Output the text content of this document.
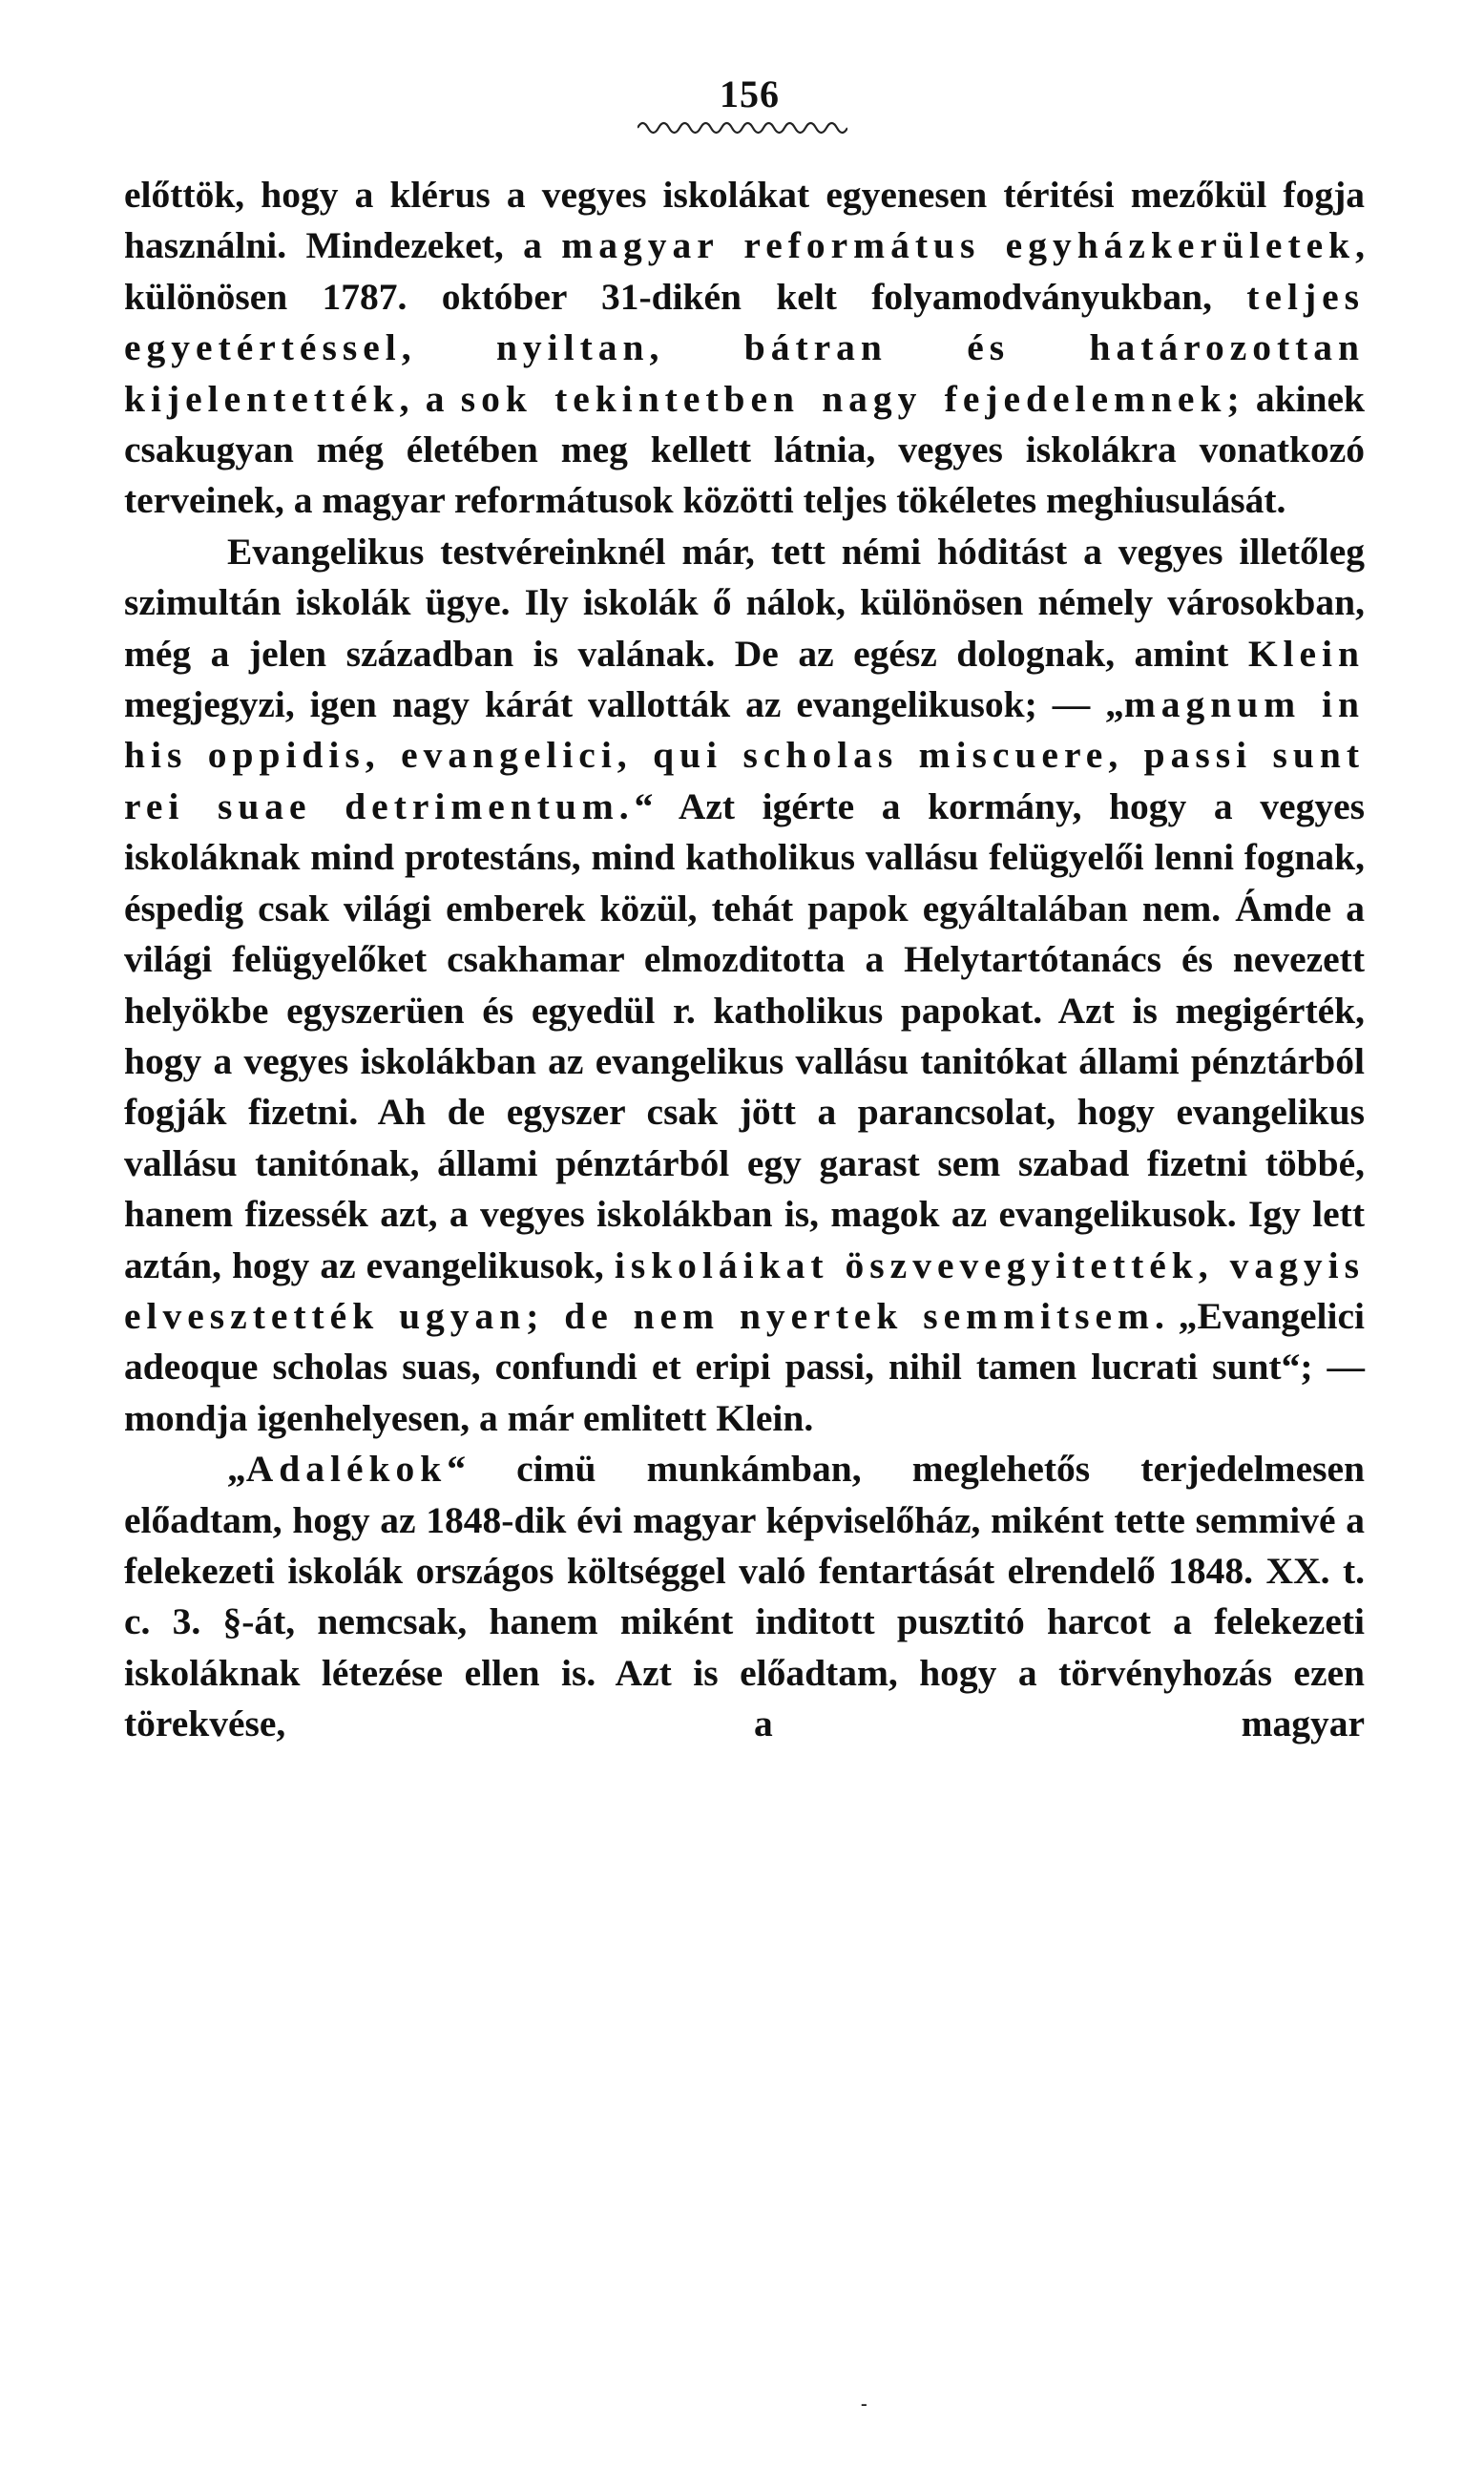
156

előttök, hogy a klérus a vegyes iskolákat egyenesen téritési mezőkül fogja használni. Mindezeket, a magyar református egyházkerületek, különösen 1787. október 31-dikén kelt folyamodványukban, teljes egyetértéssel, nyiltan, bátran és határozottan kijelentették, a sok tekintetben nagy fejedelemnek; akinek csakugyan még életében meg kellett látnia, vegyes iskolákra vonatkozó terveinek, a magyar reformátusok közötti teljes tökéletes meghiusulását.

Evangelikus testvéreinknél már, tett némi hóditást a vegyes illetőleg szimultán iskolák ügye. Ily iskolák ő nálok, különösen némely városokban, még a jelen században is valának. De az egész dolognak, amint Klein megjegyzi, igen nagy kárát vallották az evangelikusok; — „magnum in his oppidis, evangelici, qui scholas miscuere, passi sunt rei suae detrimentum.“ Azt igérte a kormány, hogy a vegyes iskoláknak mind protestáns, mind katholikus vallásu felügyelői lenni fognak, éspedig csak világi emberek közül, tehát papok egyáltalában nem. Ámde a világi felügyelőket csakhamar elmozditotta a Helytartótanács és nevezett helyökbe egyszerüen és egyedül r. katholikus papokat. Azt is megigérték, hogy a vegyes iskolákban az evangelikus vallásu tanitókat állami pénztárból fogják fizetni. Ah de egyszer csak jött a parancsolat, hogy evangelikus vallásu tanitónak, állami pénztárból egy garast sem szabad fizetni többé, hanem fizessék azt, a vegyes iskolákban is, magok az evangelikusok. Igy lett aztán, hogy az evangelikusok, iskoláikat öszvevegyitették, vagyis elvesztették ugyan; de nem nyertek semmitsem. „Evangelici adeoque scholas suas, confundi et eripi passi, nihil tamen lucrati sunt“; — mondja igenhelyesen, a már emlitett Klein.

„Adalékok“ cimü munkámban, meglehetős terjedelmesen előadtam, hogy az 1848-dik évi magyar képviselőház, miként tette semmivé a felekezeti iskolák országos költséggel való fentartását elrendelő 1848. XX. t. c. 3. §-át, nemcsak, hanem miként inditott pusztitó harcot a felekezeti iskoláknak létezése ellen is. Azt is előadtam, hogy a törvényhozás ezen törekvése, a magyar

-
